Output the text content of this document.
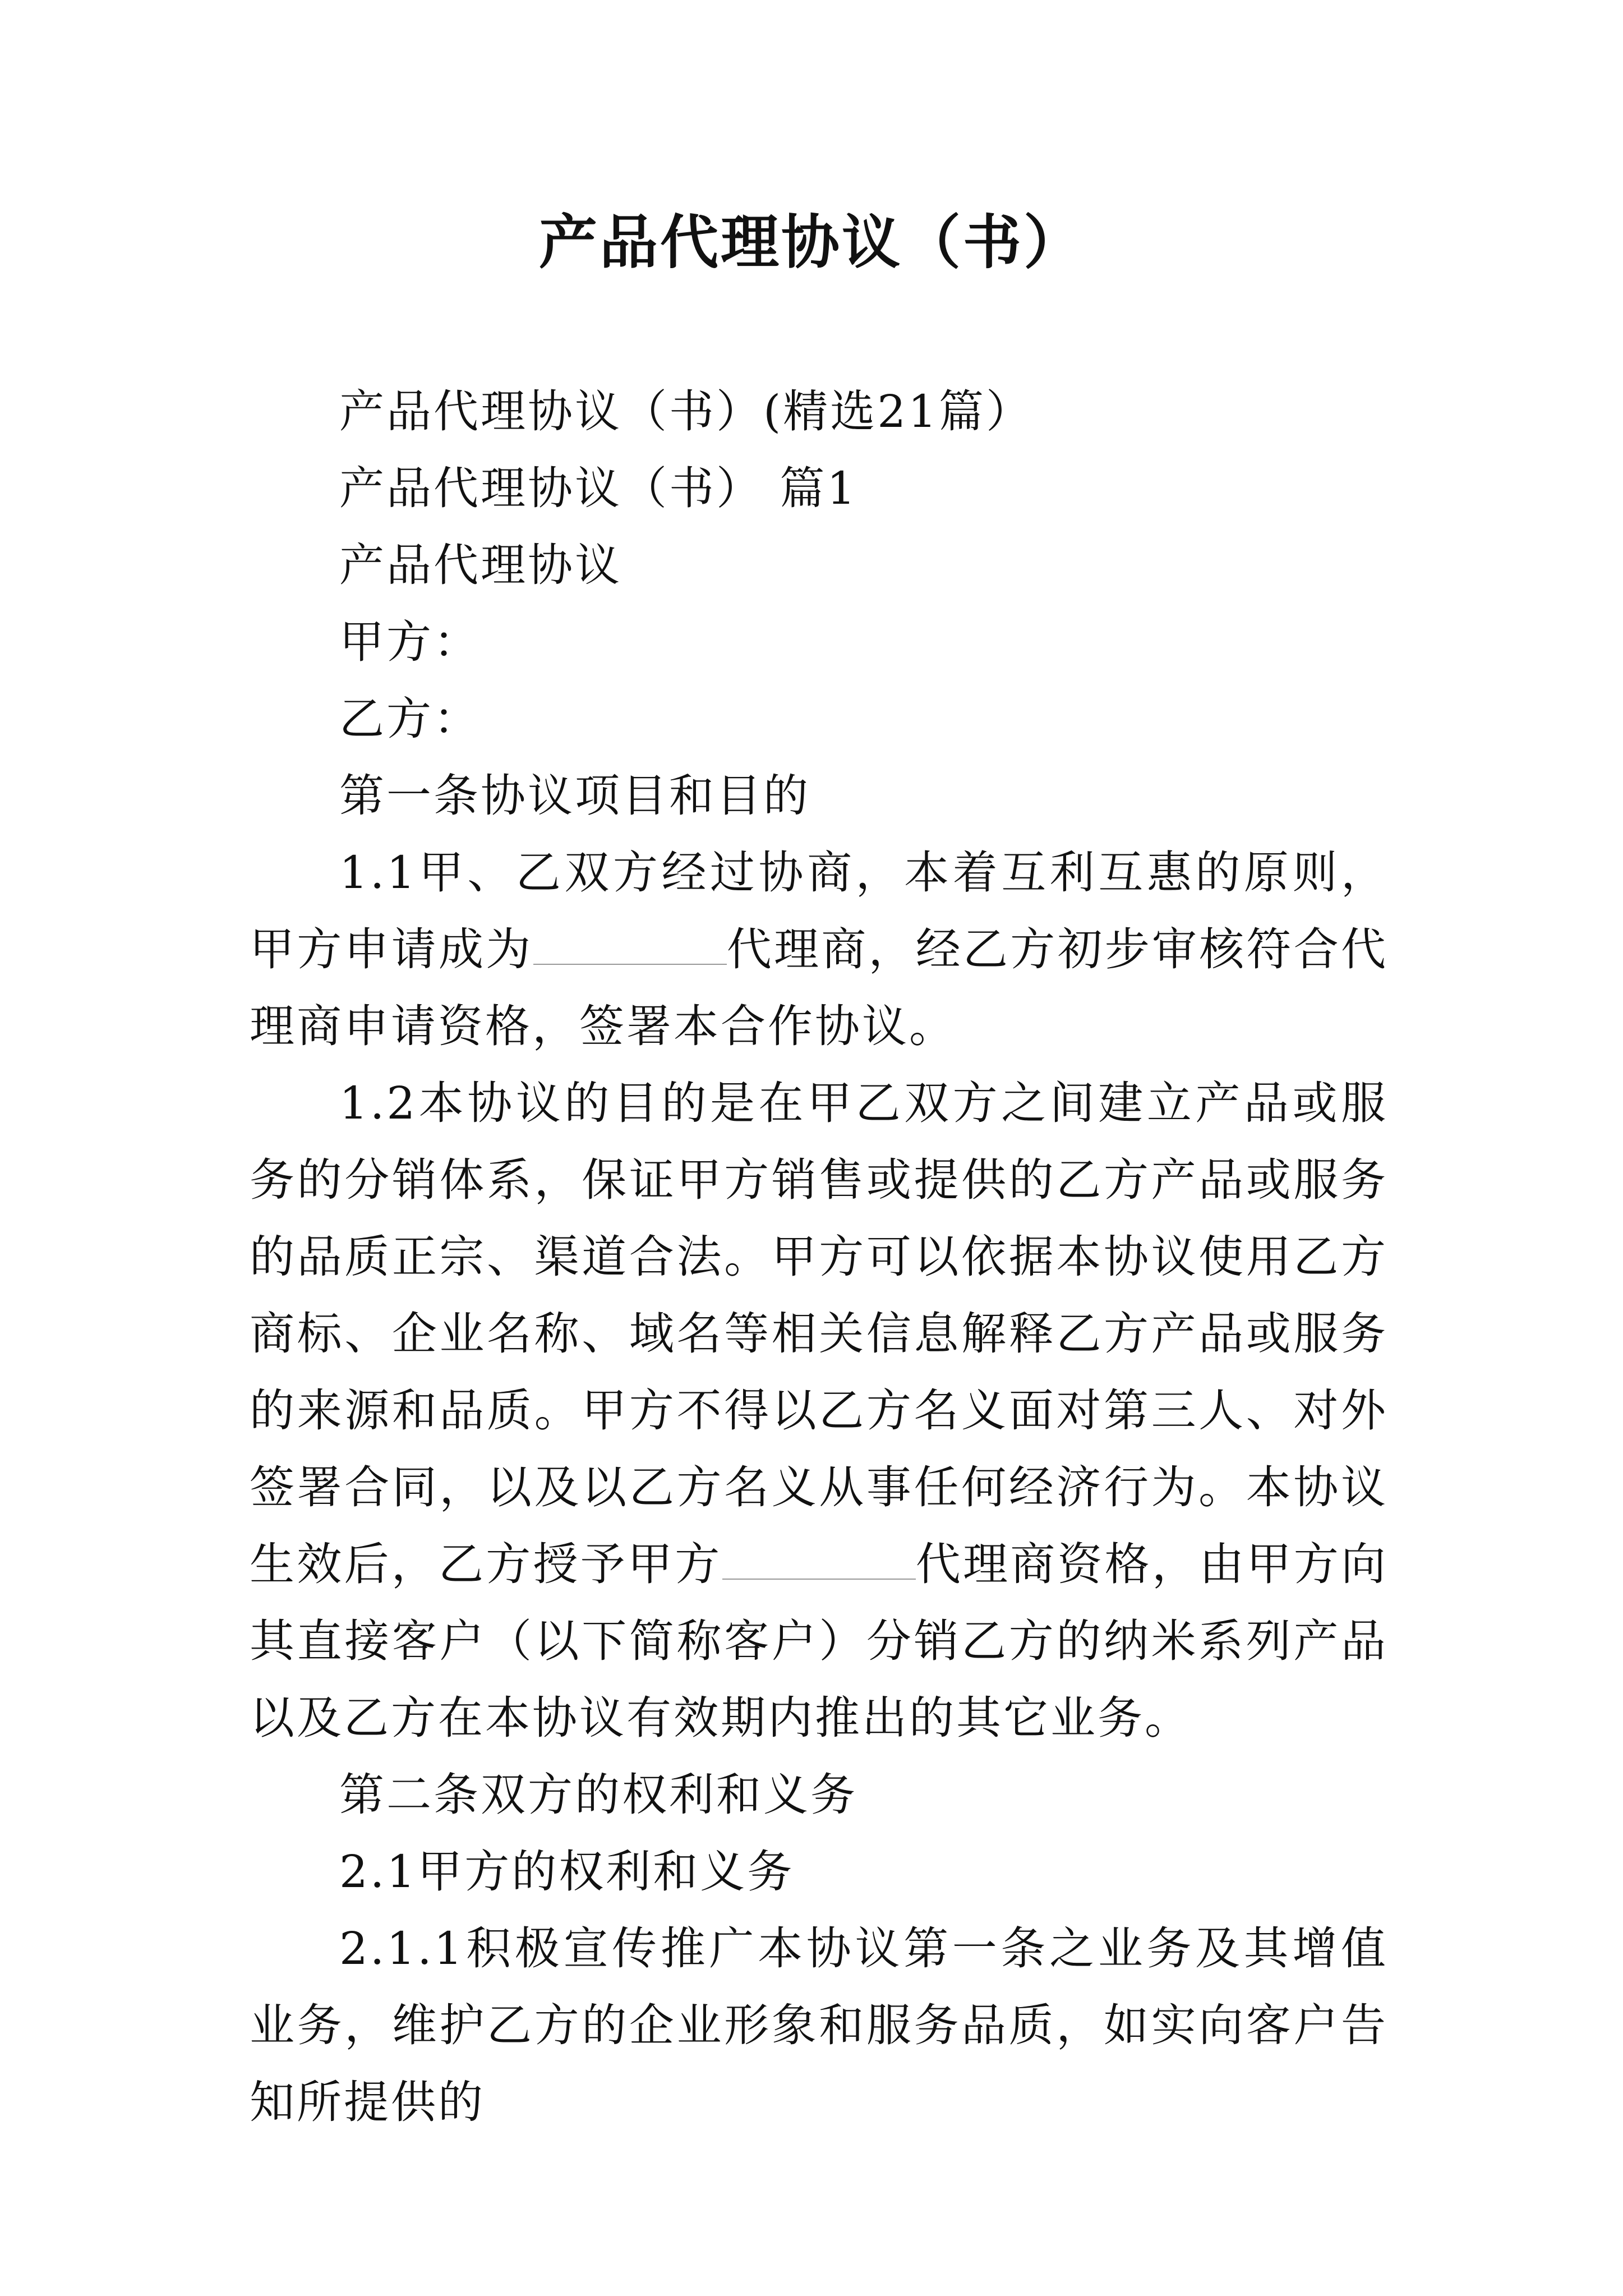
产品代理协议（书）

产品代理协议（书）(精选21篇）

产品代理协议（书） 篇1

产品代理协议

甲方：

乙方：

第一条协议项目和目的

1.1甲、乙双方经过协商，本着互利互惠的原则，甲方申请成为	代理商，经乙方初步审核符合代理商申请资格，签署本合作协议。

1.2本协议的目的是在甲乙双方之间建立产品或服务的分销体系，保证甲方销售或提供的乙方产品或服务的品质正宗、渠道合法。甲方可以依据本协议使用乙方商标、企业名称、域名等相关信息解释乙方产品或服务的来源和品质。甲方不得以乙方名义面对第三人、对外签署合同，以及以乙方名义从事任何经济行为。本协议生效后，乙方授予甲方	代理商资格，由甲方向其直接客户（以下简称客户）分销乙方的纳米系列产品以及乙方在本协议有效期内推出的其它业务。

第二条双方的权利和义务

2.1甲方的权利和义务

2.1.1积极宣传推广本协议第一条之业务及其增值业务，维护乙方的企业形象和服务品质，如实向客户告知所提供的
